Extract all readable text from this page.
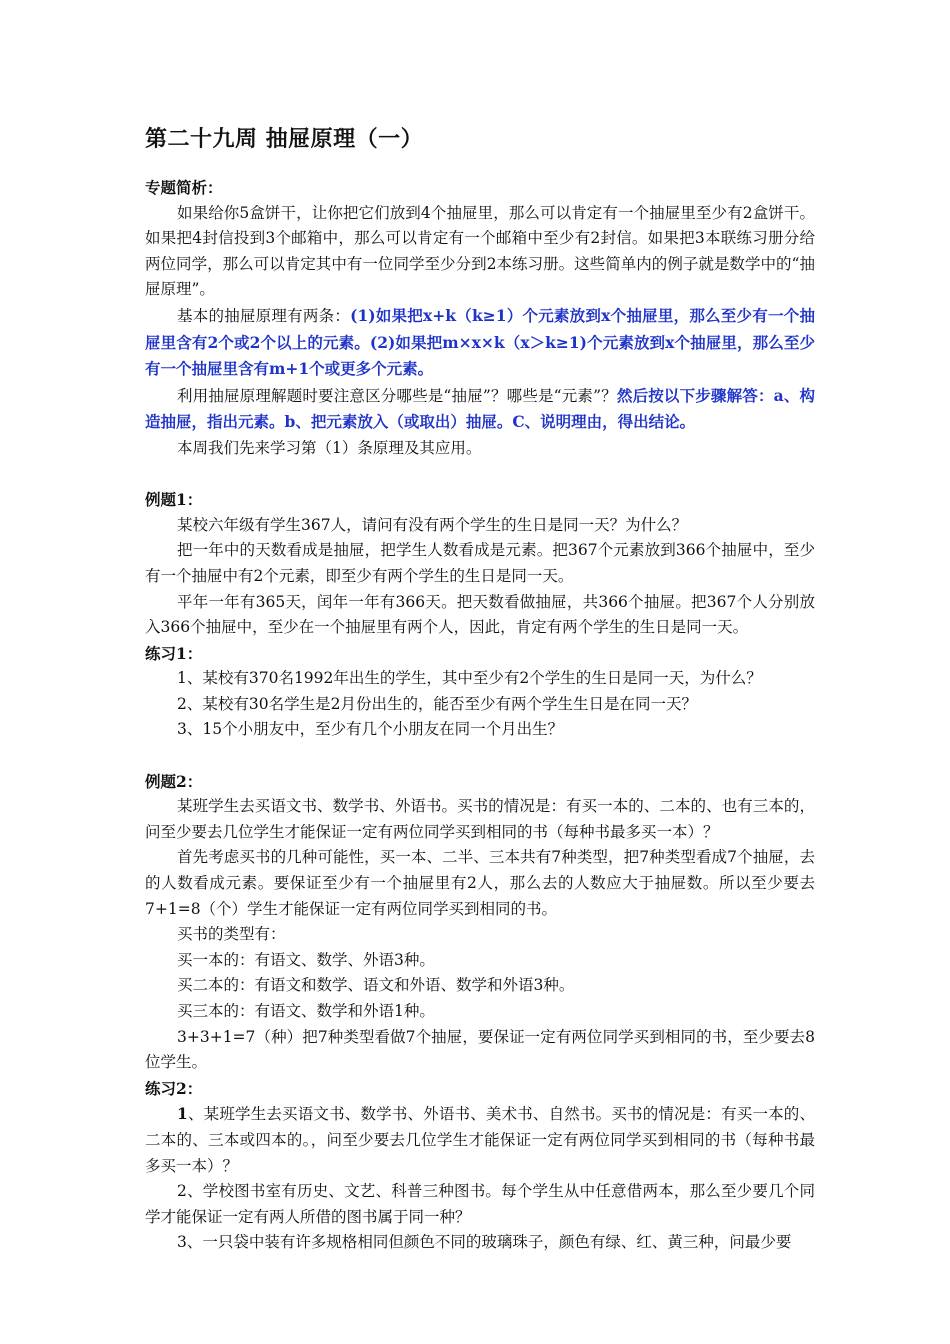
第二十九周 抽屉原理（一）

专题简析：

如果给你5盒饼干，让你把它们放到4个抽屉里，那么可以肯定有一个抽屉里至少有2盒饼干。如果把4封信投到3个邮箱中，那么可以肯定有一个邮箱中至少有2封信。如果把3本联练习册分给两位同学，那么可以肯定其中有一位同学至少分到2本练习册。这些简单内的例子就是数学中的“抽屉原理”。

基本的抽屉原理有两条：(1)如果把x+k（k≥1）个元素放到x个抽屉里，那么至少有一个抽屉里含有2个或2个以上的元素。(2)如果把m×x×k（x＞k≥1)个元素放到x个抽屉里，那么至少有一个抽屉里含有m+1个或更多个元素。

利用抽屉原理解题时要注意区分哪些是“抽屉”？哪些是“元素”？然后按以下步骤解答：a、构造抽屉，指出元素。b、把元素放入（或取出）抽屉。C、说明理由，得出结论。

本周我们先来学习第（1）条原理及其应用。

例题1：

某校六年级有学生367人，请问有没有两个学生的生日是同一天？为什么？

把一年中的天数看成是抽屉，把学生人数看成是元素。把367个元素放到366个抽屉中，至少有一个抽屉中有2个元素，即至少有两个学生的生日是同一天。

平年一年有365天，闰年一年有366天。把天数看做抽屉，共366个抽屉。把367个人分别放入366个抽屉中，至少在一个抽屉里有两个人，因此，肯定有两个学生的生日是同一天。

练习1：

1、某校有370名1992年出生的学生，其中至少有2个学生的生日是同一天，为什么？

2、某校有30名学生是2月份出生的，能否至少有两个学生生日是在同一天？

3、15个小朋友中，至少有几个小朋友在同一个月出生？

例题2：

某班学生去买语文书、数学书、外语书。买书的情况是：有买一本的、二本的、也有三本的，问至少要去几位学生才能保证一定有两位同学买到相同的书（每种书最多买一本）？

首先考虑买书的几种可能性，买一本、二半、三本共有7种类型，把7种类型看成7个抽屉，去的人数看成元素。要保证至少有一个抽屉里有2人，那么去的人数应大于抽屉数。所以至少要去7+1=8（个）学生才能保证一定有两位同学买到相同的书。

买书的类型有：

买一本的：有语文、数学、外语3种。

买二本的：有语文和数学、语文和外语、数学和外语3种。

买三本的：有语文、数学和外语1种。

3+3+1=7（种）把7种类型看做7个抽屉，要保证一定有两位同学买到相同的书，至少要去8位学生。

练习2：

1、某班学生去买语文书、数学书、外语书、美术书、自然书。买书的情况是：有买一本的、二本的、三本或四本的。，问至少要去几位学生才能保证一定有两位同学买到相同的书（每种书最多买一本）？

2、学校图书室有历史、文艺、科普三种图书。每个学生从中任意借两本，那么至少要几个同学才能保证一定有两人所借的图书属于同一种？

3、一只袋中装有许多规格相同但颜色不同的玻璃珠子，颜色有绿、红、黄三种，问最少要
